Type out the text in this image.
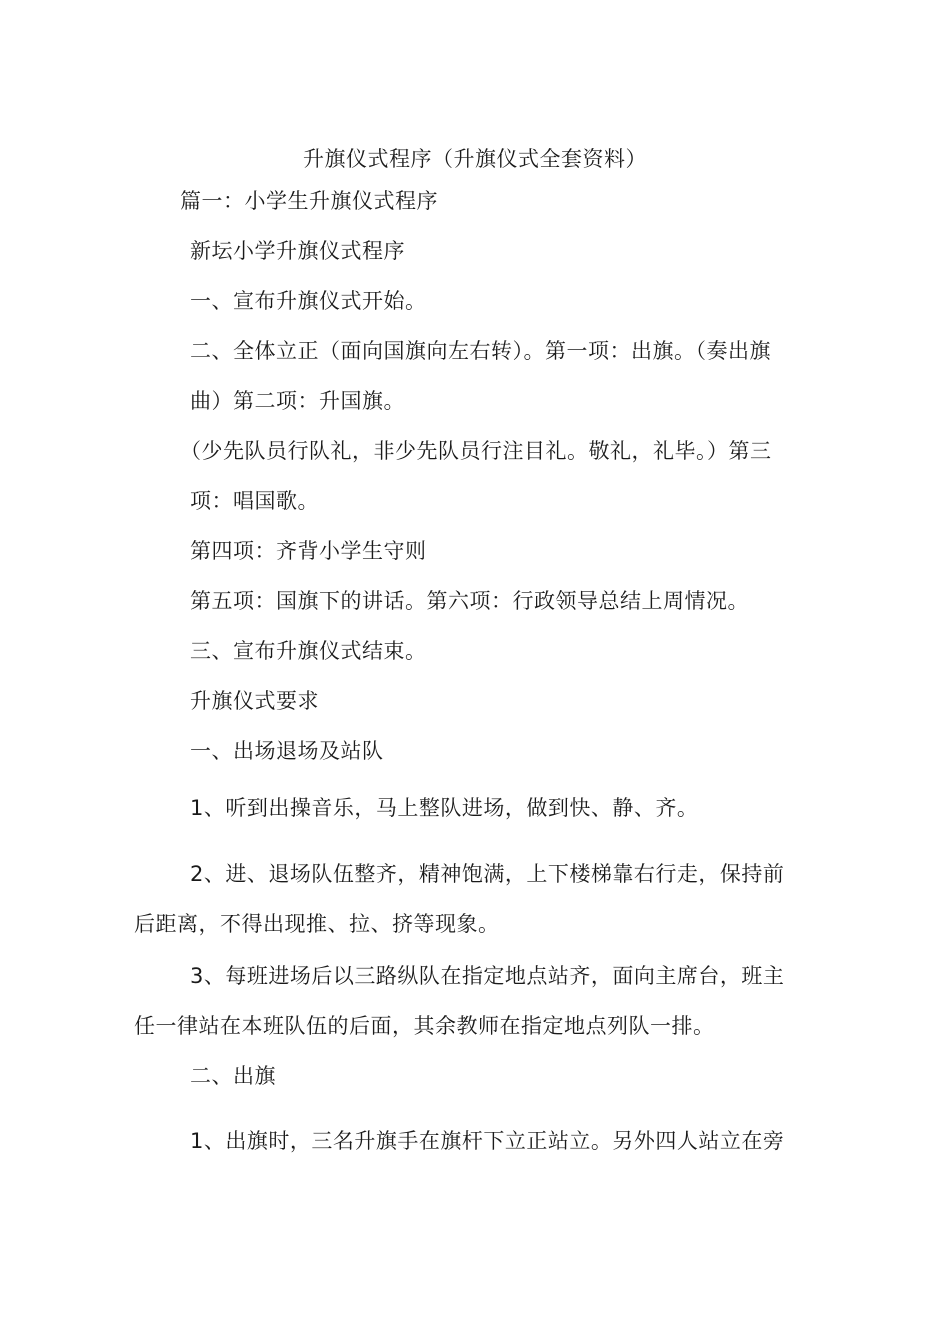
升旗仪式程序（升旗仪式全套资料）
篇一：小学生升旗仪式程序
新坛小学升旗仪式程序
一、宣布升旗仪式开始。
二、全体立正（面向国旗向左右转）。第一项：出旗。（奏出旗
曲）第二项：升国旗。
（少先队员行队礼，非少先队员行注目礼。敬礼，礼毕。）第三
项：唱国歌。
第四项：齐背小学生守则
第五项：国旗下的讲话。第六项：行政领导总结上周情况。
三、宣布升旗仪式结束。
升旗仪式要求
一、出场退场及站队
1、听到出操音乐，马上整队进场，做到快、静、齐。
2、进、退场队伍整齐，精神饱满，上下楼梯靠右行走，保持前
后距离，不得出现推、拉、挤等现象。
3、每班进场后以三路纵队在指定地点站齐，面向主席台，班主
任一律站在本班队伍的后面，其余教师在指定地点列队一排。
二、出旗
1、出旗时，三名升旗手在旗杆下立正站立。另外四人站立在旁
